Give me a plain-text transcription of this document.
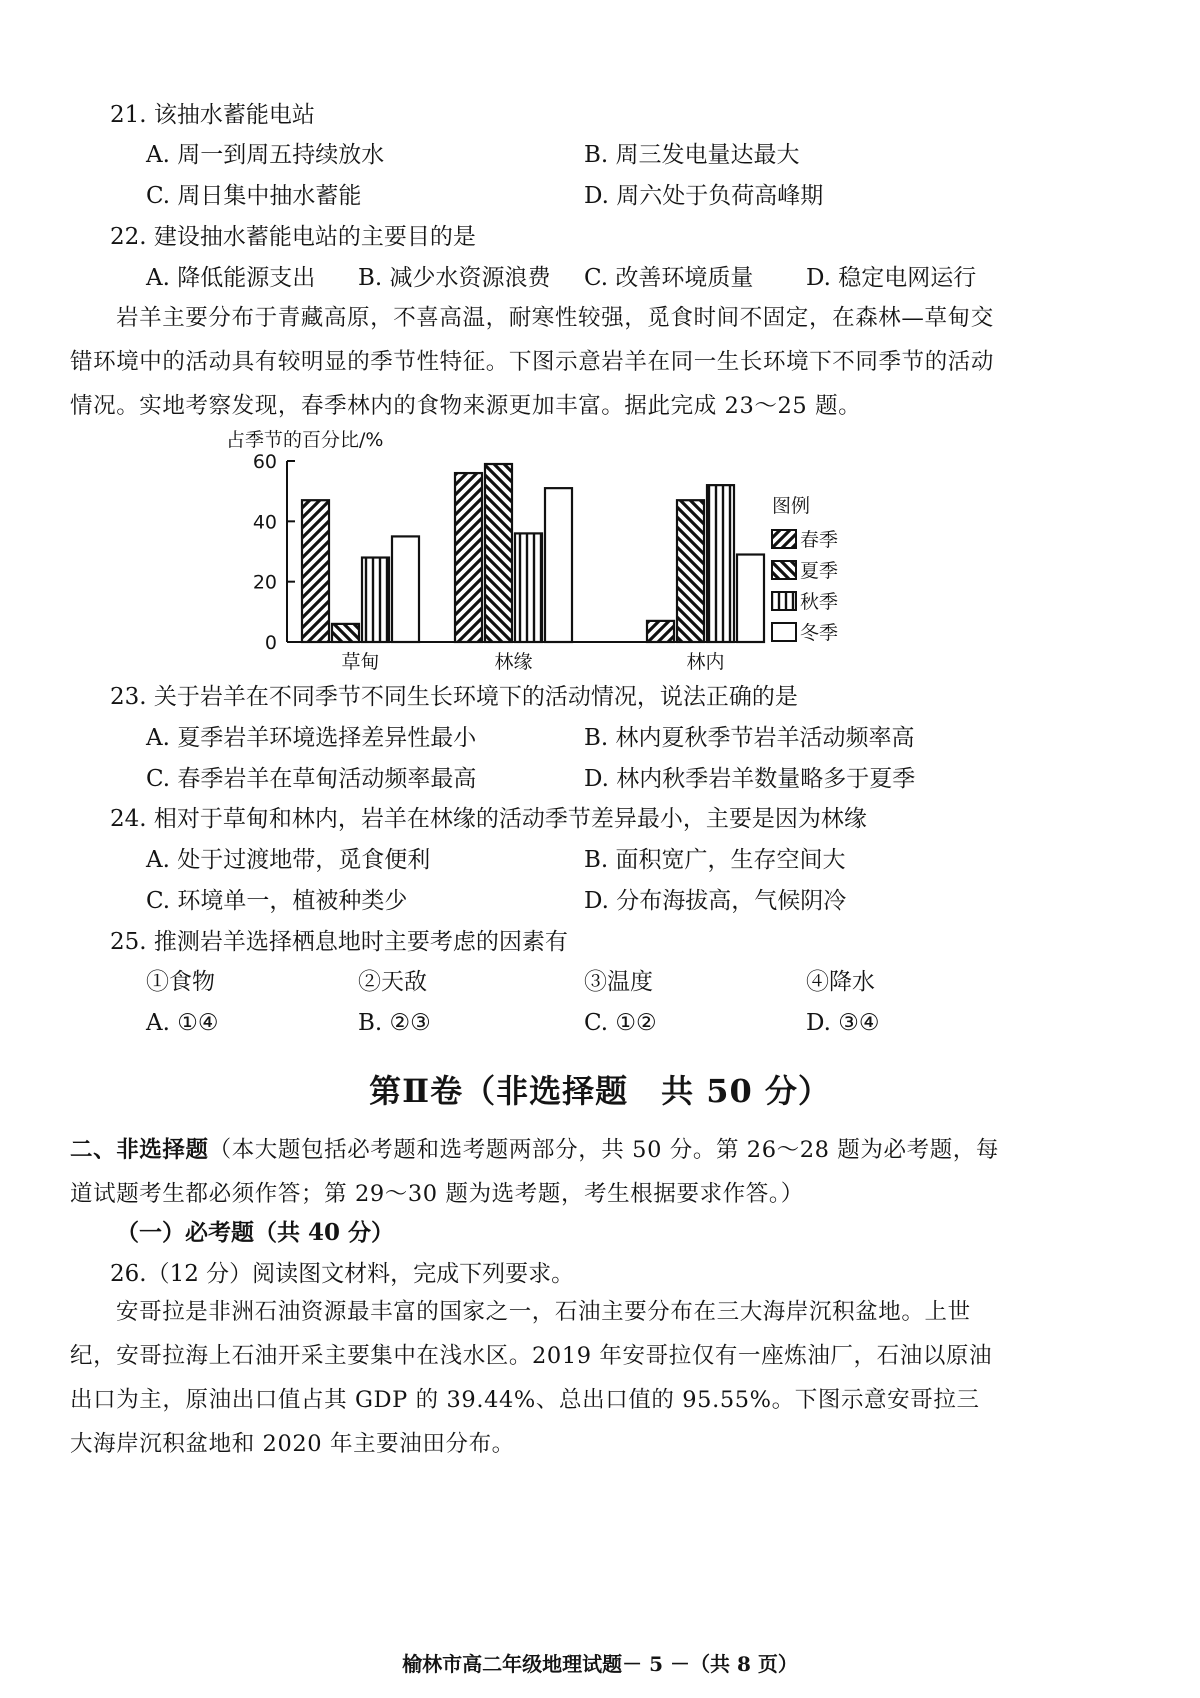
21. 该抽水蓄能电站
A. 周一到周五持续放水	B. 周三发电量达最大
C. 周日集中抽水蓄能	D. 周六处于负荷高峰期
22. 建设抽水蓄能电站的主要目的是
A. 降低能源支出 B. 减少水资源浪费 C. 改善环境质量 D. 稳定电网运行
岩羊主要分布于青藏高原，不喜高温，耐寒性较强，觅食时间不固定，在森林—草甸交错环境中的活动具有较明显的季节性特征。下图示意岩羊在同一生长环境下不同季节的活动情况。实地考察发现，春季林内的食物来源更加丰富。据此完成 23～25 题。
占季节的百分比/%
0
20
40
60
草甸	林缘	林内
图例
春季
夏季
秋季
冬季
23. 关于岩羊在不同季节不同生长环境下的活动情况，说法正确的是
A. 夏季岩羊环境选择差异性最小	B. 林内夏秋季节岩羊活动频率高
C. 春季岩羊在草甸活动频率最高	D. 林内秋季岩羊数量略多于夏季
24. 相对于草甸和林内，岩羊在林缘的活动季节差异最小，主要是因为林缘
A. 处于过渡地带，觅食便利	B. 面积宽广，生存空间大
C. 环境单一，植被种类少	D. 分布海拔高，气候阴冷
25. 推测岩羊选择栖息地时主要考虑的因素有
①食物	②天敌	③温度	④降水
A. ①④	B. ②③	C. ①②	D. ③④
第Ⅱ卷（非选择题　共 50 分）
二、非选择题（本大题包括必考题和选考题两部分，共 50 分。第 26～28 题为必考题，每道试题考生都必须作答；第 29～30 题为选考题，考生根据要求作答。）
（一）必考题（共 40 分）
26.（12 分）阅读图文材料，完成下列要求。
安哥拉是非洲石油资源最丰富的国家之一，石油主要分布在三大海岸沉积盆地。上世纪，安哥拉海上石油开采主要集中在浅水区。2019 年安哥拉仅有一座炼油厂，石油以原油出口为主，原油出口值占其 GDP 的 39.44%、总出口值的 95.55%。下图示意安哥拉三大海岸沉积盆地和 2020 年主要油田分布。
榆林市高二年级地理试题－ 5 －（共 8 页）
